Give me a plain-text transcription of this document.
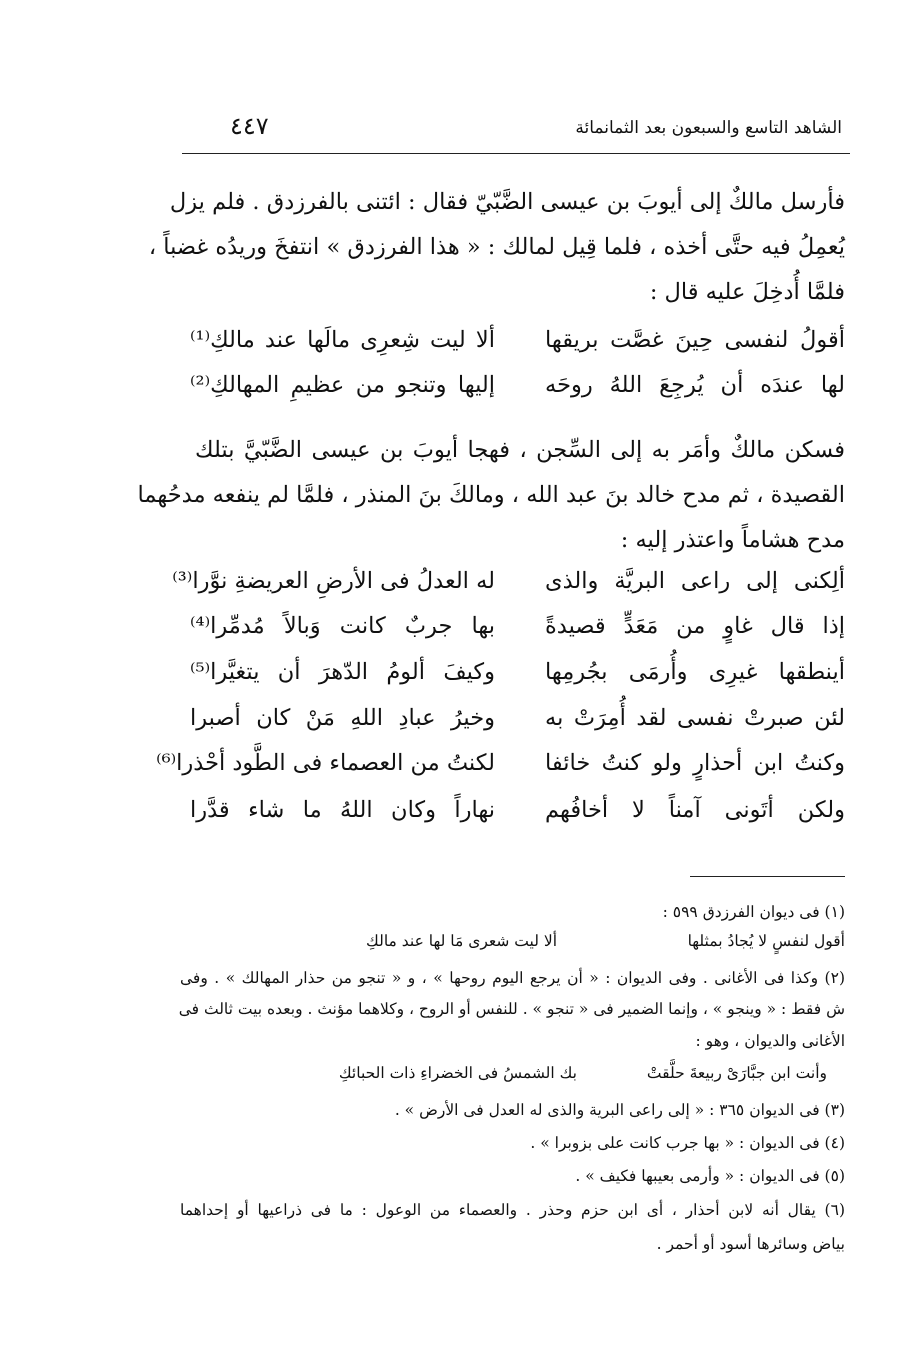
الشاهد التاسع والسبعون بعد الثمانمائة
٤٤٧
فأرسل مالكٌ إلى أيوبَ بن عيسى الضَّبّيّ فقال : ائتنى بالفرزدق . فلم يزل
يُعمِلُ فيه حتَّى أخذه ، فلما قِيل لمالك : « هذا الفرزدق » انتفخَ وريدُه غضباً ،
فلمَّا أُدخِلَ عليه قال :
أقولُ لنفسى حِينَ غصَّت بريقها
ألا ليت شِعرِى مالَها عند مالكِ⁽¹⁾
لها عندَه أن يُرجِعَ اللهُ روحَه
إليها وتنجو من عظيمِ المهالكِ⁽²⁾
فسكن مالكٌ وأمَر به إلى السِّجن ، فهجا أيوبَ بن عيسى الضَّبّيَّ بتلك
القصيدة ، ثم مدح خالد بنَ عبد الله ، ومالكَ بنَ المنذر ، فلمَّا لم ينفعه مدحُهما
مدح هشاماً واعتذر إليه :
ألِكنى إلى راعى البريَّة والذى
له العدلُ فى الأرضِ العريضةِ نوَّرا⁽³⁾
إذا قال غاوٍ من مَعَدٍّ قصيدةً
بها جربٌ كانت وَبالاً مُدمِّرا⁽⁴⁾
أينطقها غيرِى وأُرمَى بجُرمِها
وكيفَ ألومُ الدّهرَ أن يتغيَّرا⁽⁵⁾
لئن صبرتْ نفسى لقد أُمِرَتْ به
وخيرُ عبادِ اللهِ مَنْ كان أصبرا
وكنتُ ابن أحذارٍ ولو كنتُ خائفا
لكنتُ من العصماء فى الطَّود أحْذرا⁽⁶⁾
ولكن أتَونى آمناً لا أخافُهم
نهاراً وكان اللهُ ما شاء قدَّرا
(١) فى ديوان الفرزدق ٥٩٩ :
أقول لنفسٍ لا يُجادُ بمثلها
ألا ليت شعرى مَا لها عند مالكِ
(٢) وكذا فى الأغانى . وفى الديوان : « أن يرجع اليوم روحها » ، و « تنجو من حذار المهالك » . وفى
ش فقط : « وينجو » ، وإنما الضمير فى « تنجو » . للنفس أو الروح ، وكلاهما مؤنث . وبعده بيت ثالث فى
الأغانى والديوان ، وهو :
وأنت ابن جبَّارَىْ ربيعةَ حلَّقتْ
بك الشمسُ فى الخضراءِ ذات الحبائكِ
(٣) فى الديوان ٣٦٥ : « إلى راعى البرية والذى له العدل فى الأرض » .
(٤) فى الديوان : « بها جرب كانت على بزوبرا » .
(٥) فى الديوان : « وأرمى بعيبها فكيف » .
(٦) يقال أنه لابن أحذار ، أى ابن حزم وحذر . والعصماء من الوعول : ما فى ذراعيها أو إحداهما
بياض وسائرها أسود أو أحمر .
